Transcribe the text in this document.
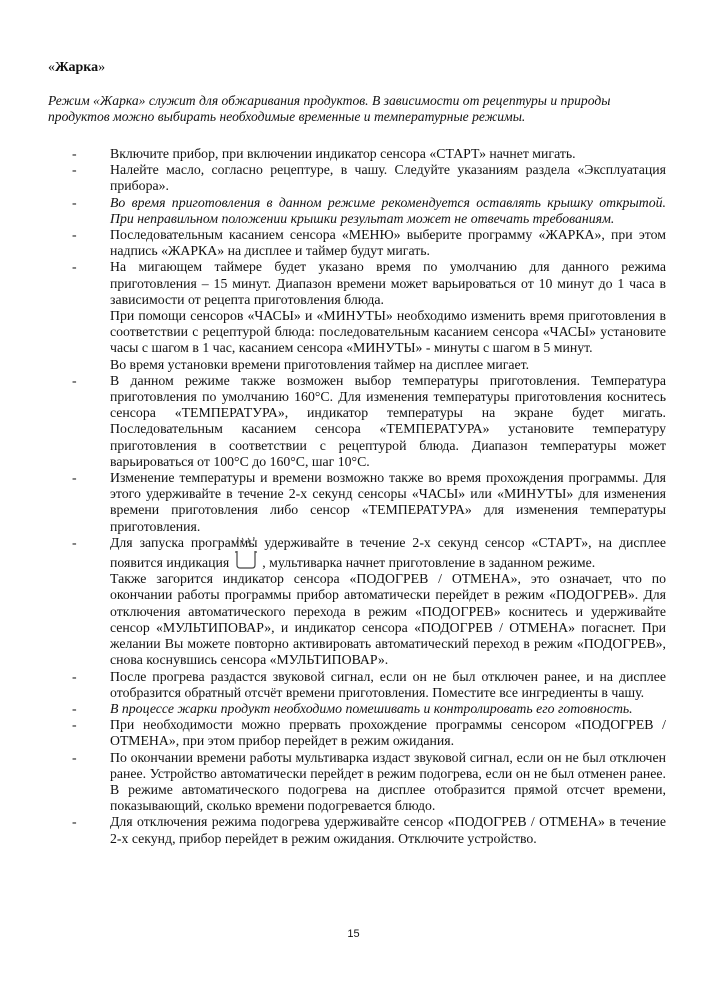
«Жарка»

Режим «Жарка» служит для обжаривания продуктов. В зависимости от рецептуры и природы продуктов можно выбирать необходимые временные и температурные режимы.

- Включите прибор, при включении индикатор сенсора «СТАРТ» начнет мигать.
- Налейте масло, согласно рецептуре, в чашу. Следуйте указаниям раздела «Эксплуатация прибора».
- Во время приготовления в данном режиме рекомендуется оставлять крышку открытой. При неправильном положении крышки результат может не отвечать требованиям.
- Последовательным касанием сенсора «МЕНЮ» выберите программу «ЖАРКА», при этом надпись «ЖАРКА» на дисплее и таймер будут мигать.
- На мигающем таймере будет указано время по умолчанию для данного режима приготовления – 15 минут. Диапазон времени может варьироваться от 10 минут до 1 часа в зависимости от рецепта приготовления блюда.
При помощи сенсоров «ЧАСЫ» и «МИНУТЫ» необходимо изменить время приготовления в соответствии с рецептурой блюда: последовательным касанием сенсора «ЧАСЫ» установите часы с шагом в 1 час, касанием сенсора «МИНУТЫ» - минуты с шагом в 5 минут.
Во время установки времени приготовления таймер на дисплее мигает.
- В данном режиме также возможен выбор температуры приготовления. Температура приготовления по умолчанию 160°С. Для изменения температуры приготовления коснитесь сенсора «ТЕМПЕРАТУРА», индикатор температуры на экране будет мигать. Последовательным касанием сенсора «ТЕМПЕРАТУРА» установите температуру приготовления в соответствии с рецептурой блюда. Диапазон температуры может варьироваться от 100°С до 160°С, шаг 10°С.
- Изменение температуры и времени возможно также во время прохождения программы. Для этого удерживайте в течение 2-х секунд сенсоры «ЧАСЫ» или «МИНУТЫ» для изменения времени приготовления либо сенсор «ТЕМПЕРАТУРА» для изменения температуры приготовления.
- Для запуска программы удерживайте в течение 2-х секунд сенсор «СТАРТ», на дисплее появится индикация , мультиварка начнет приготовление в заданном режиме.
Также загорится индикатор сенсора «ПОДОГРЕВ / ОТМЕНА», это означает, что по окончании работы программы прибор автоматически перейдет в режим «ПОДОГРЕВ». Для отключения автоматического перехода в режим «ПОДОГРЕВ» коснитесь и удерживайте сенсор «МУЛЬТИПОВАР», и индикатор сенсора «ПОДОГРЕВ / ОТМЕНА» погаснет. При желании Вы можете повторно активировать автоматический переход в режим «ПОДОГРЕВ», снова коснувшись сенсора «МУЛЬТИПОВАР».
- После прогрева раздастся звуковой сигнал, если он не был отключен ранее, и на дисплее отобразится обратный отсчёт времени приготовления. Поместите все ингредиенты в чашу.
- В процессе жарки продукт необходимо помешивать и контролировать его готовность.
- При необходимости можно прервать прохождение программы сенсором «ПОДОГРЕВ / ОТМЕНА», при этом прибор перейдет в режим ожидания.
- По окончании времени работы мультиварка издаст звуковой сигнал, если он не был отключен ранее. Устройство автоматически перейдет в режим подогрева, если он не был отменен ранее. В режиме автоматического подогрева на дисплее отобразится прямой отсчет времени, показывающий, сколько времени подогревается блюдо.
- Для отключения режима подогрева удерживайте сенсор «ПОДОГРЕВ / ОТМЕНА» в течение 2-х секунд, прибор перейдет в режим ожидания. Отключите устройство.
15
